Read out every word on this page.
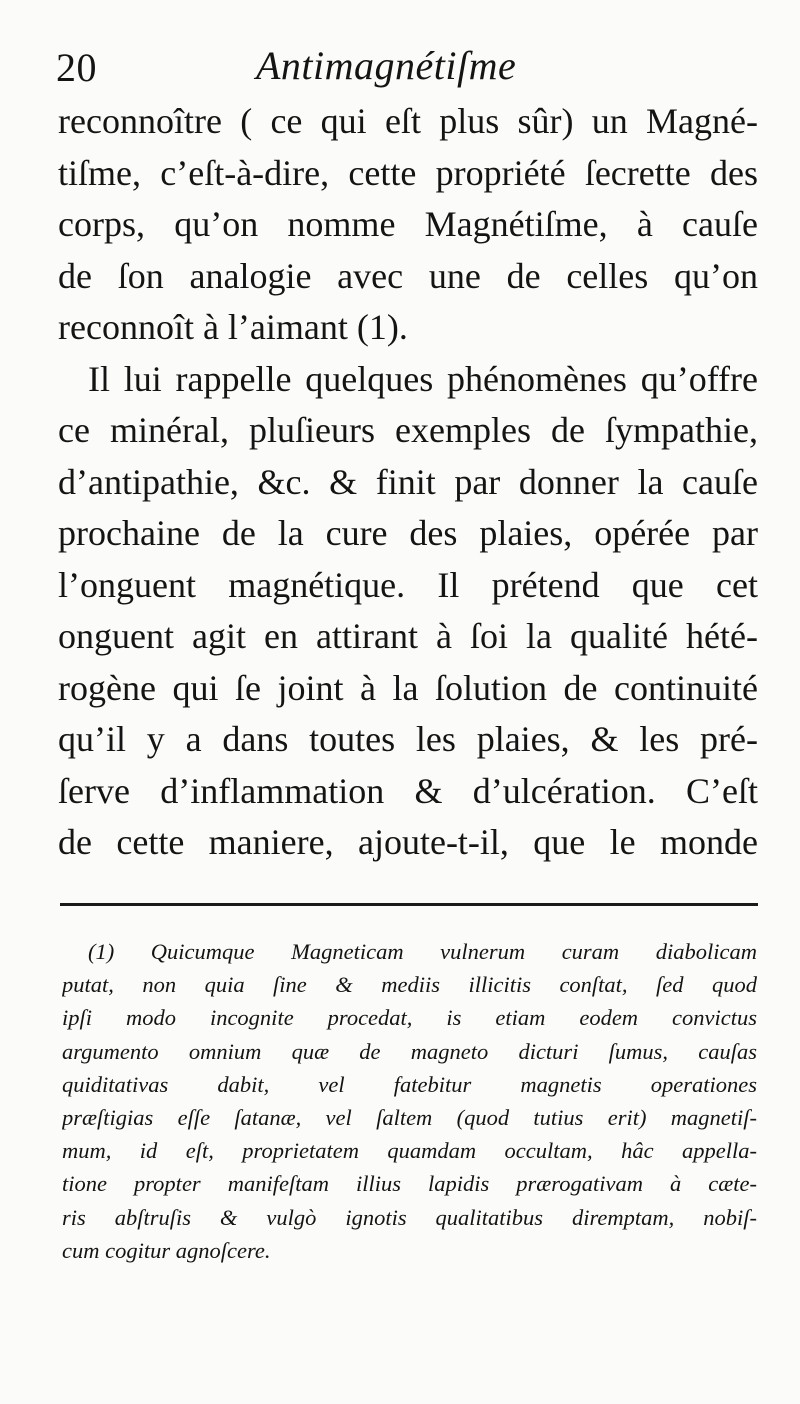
20	Antimagnétiſme
reconnoître ( ce qui eſt plus sûr) un Magné-
tiſme, c’eſt-à-dire, cette propriété ſecrette des
corps, qu’on nomme Magnétiſme, à cauſe
de ſon analogie avec une de celles qu’on
reconnoît à l’aimant (1).
Il lui rappelle quelques phénomènes qu’offre
ce minéral, pluſieurs exemples de ſympathie,
d’antipathie, &c. & finit par donner la cauſe
prochaine de la cure des plaies, opérée par
l’onguent magnétique. Il prétend que cet
onguent agit en attirant à ſoi la qualité hété-
rogène qui ſe joint à la ſolution de continuité
qu’il y a dans toutes les plaies, & les pré-
ſerve d’inflammation & d’ulcération. C’eſt
de cette maniere, ajoute-t-il, que le monde
(1) Quicumque Magneticam vulnerum curam diabolicam
putat, non quia ſine & mediis illicitis conſtat, ſed quod
ipſi modo incognite procedat, is etiam eodem convictus
argumento omnium quæ de magneto dicturi ſumus, cauſas
quiditativas dabit, vel fatebitur magnetis operationes
præſtigias eſſe ſatanæ, vel ſaltem (quod tutius erit) magnetiſ-
mum, id eſt, proprietatem quamdam occultam, hâc appella-
tione propter manifeſtam illius lapidis prærogativam à cæte-
ris abſtruſis & vulgò ignotis qualitatibus diremptam, nobiſ-
cum cogitur agnoſcere.
